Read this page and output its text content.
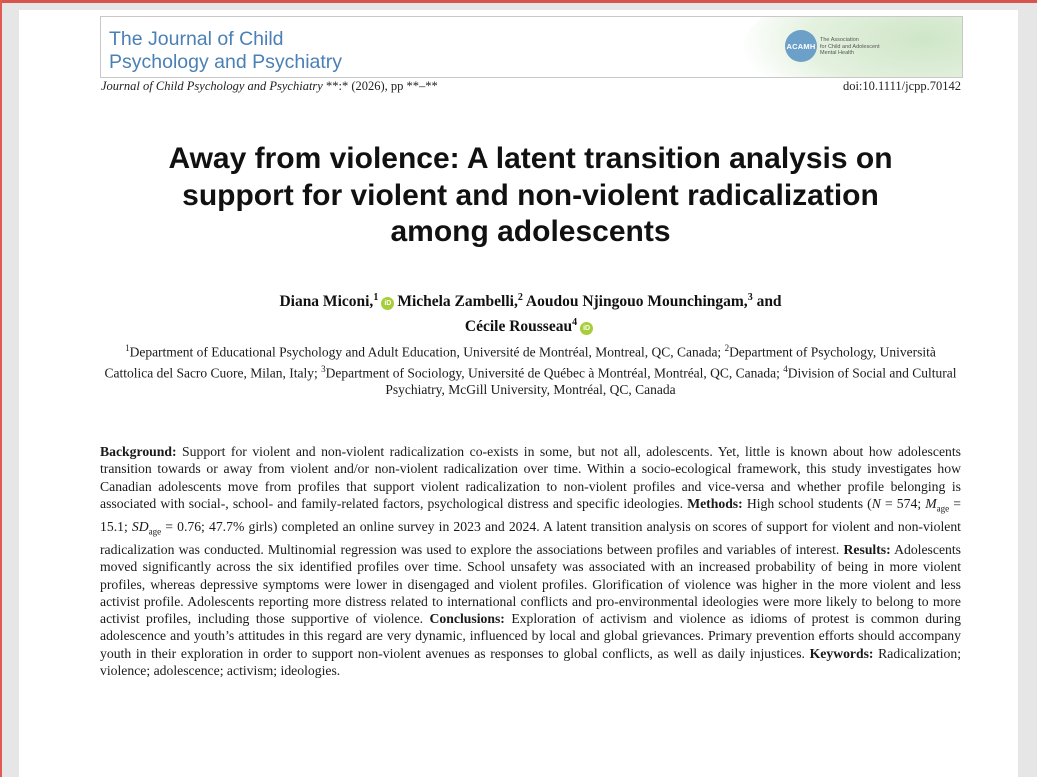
The Journal of Child
Psychology and Psychiatry
ACAMH
The Association
for Child and Adolescent
Mental Health
Journal of Child Psychology and Psychiatry **:* (2026), pp **–**	doi:10.1111/jcpp.70142
Away from violence: A latent transition analysis on
support for violent and non-violent radicalization
among adolescents
Diana Miconi,$^1$iD Michela Zambelli,$^2$ Aoudou Njingouo Mounchingam,$^3$ and
Cécile Rousseau$^4$iD
$^1$Department of Educational Psychology and Adult Education, Université de Montréal, Montreal, QC, Canada; $^2$Department of Psychology, Università Cattolica del Sacro Cuore, Milan, Italy; $^3$Department of Sociology, Université de Québec à Montréal, Montréal, QC, Canada; $^4$Division of Social and Cultural Psychiatry, McGill University, Montréal, QC, Canada
Background: Support for violent and non-violent radicalization co-exists in some, but not all, adolescents. Yet, little is known about how adolescents transition towards or away from violent and/or non-violent radicalization over time. Within a socio-ecological framework, this study investigates how Canadian adolescents move from profiles that support violent radicalization to non-violent profiles and vice-versa and whether profile belonging is associated with social-, school- and family-related factors, psychological distress and specific ideologies. Methods: High school students (N = 574; $M_{age} = 15.1$; $SD_{age} = 0.76$; 47.7% girls) completed an online survey in 2023 and 2024. A latent transition analysis on scores of support for violent and non-violent radicalization was conducted. Multinomial regression was used to explore the associations between profiles and variables of interest. Results: Adolescents moved significantly across the six identified profiles over time. School unsafety was associated with an increased probability of being in more violent profiles, whereas depressive symptoms were lower in disengaged and violent profiles. Glorification of violence was higher in the more violent and less activist profile. Adolescents reporting more distress related to international conflicts and pro-environmental ideologies were more likely to belong to more activist profiles, including those supportive of violence. Conclusions: Exploration of activism and violence as idioms of protest is common during adolescence and youth’s attitudes in this regard are very dynamic, influenced by local and global grievances. Primary prevention efforts should accompany youth in their exploration in order to support non-violent avenues as responses to global conflicts, as well as daily injustices. Keywords: Radicalization; violence; adolescence; activism; ideologies.
